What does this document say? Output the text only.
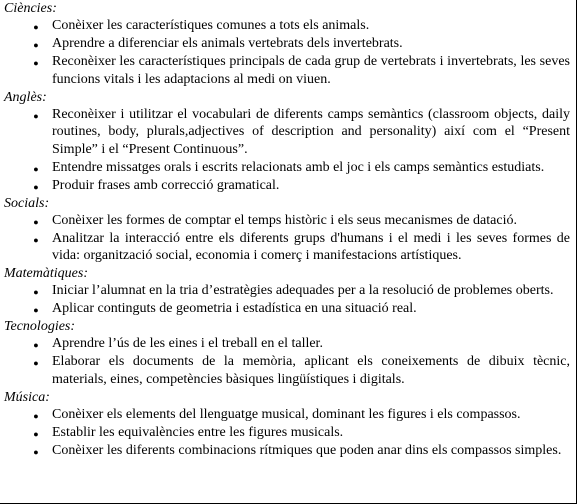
Ciències:

●
Conèixer les característiques comunes a tots els animals.
●
Aprendre a diferenciar els animals vertebrats dels invertebrats.
●
Reconèixer les característiques principals de cada grup de vertebrats i invertebrats, les seves funcions vitals i les adaptacions al medi on viuen.

Anglès:

●
Reconèixer i utilitzar el vocabulari de diferents camps semàntics (classroom objects, daily routines, body, plurals,adjectives of description and personality) així com el “Present Simple” i el “Present Continuous”.
●
Entendre missatges orals i escrits relacionats amb el joc i els camps semàntics estudiats.
●
Produir frases amb correcció gramatical.

Socials:

●
Conèixer les formes de comptar el temps històric i els seus mecanismes de datació.
●
Analitzar la interacció entre els diferents grups d'humans i el medi i les seves formes de vida: organització social, economia i comerç i manifestacions artístiques.

Matemàtiques:

●
Iniciar l’alumnat en la tria d’estratègies adequades per a la resolució de problemes oberts.
●
Aplicar continguts de geometria i estadística en una situació real.

Tecnologies:

●
Aprendre l’ús de les eines i el treball en el taller.
●
Elaborar els documents de la memòria, aplicant els coneixements de dibuix tècnic, materials, eines, competències bàsiques lingüístiques i digitals.

Música:

●
Conèixer els elements del llenguatge musical, dominant les figures i els compassos.
●
Establir les equivalències entre les figures musicals.
●
Conèixer les diferents combinacions rítmiques que poden anar dins els compassos simples.
